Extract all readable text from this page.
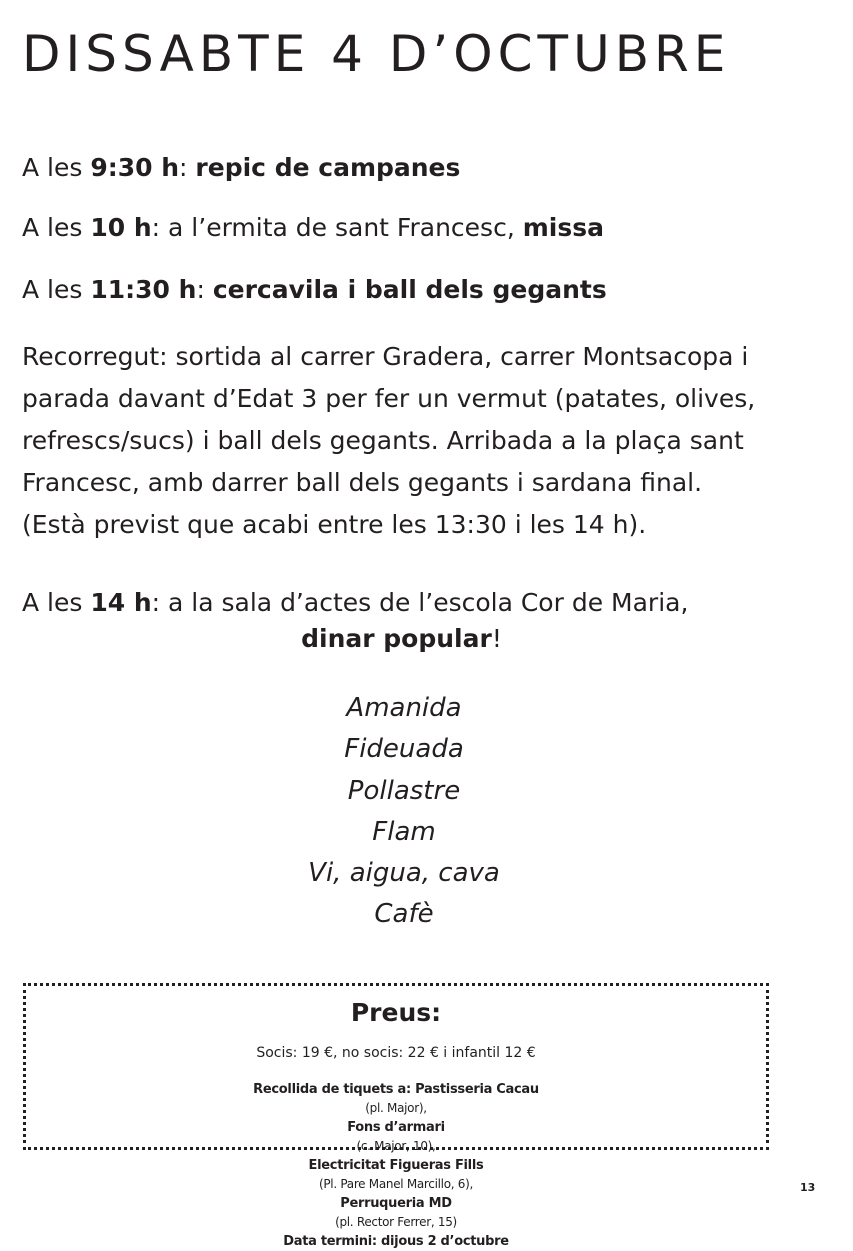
DISSABTE 4 D’OCTUBRE

A les 9:30 h: repic de campanes

A les 10 h: a l’ermita de sant Francesc, missa

A les 11:30 h: cercavila i ball dels gegants

Recorregut: sortida al carrer Gradera, carrer Montsacopa i
parada davant d’Edat 3 per fer un vermut (patates, olives,
refrescs/sucs) i ball dels gegants. Arribada a la plaça sant
Francesc, amb darrer ball dels gegants i sardana final.
(Està previst que acabi entre les 13:30 i les 14 h).

A les 14 h: a la sala d’actes de l’escola Cor de Maria,

dinar popular!

Amanida
Fideuada
Pollastre
Flam
Vi, aigua, cava
Cafè

Preus:

Socis: 19 €, no socis: 22 € i infantil 12 €

Recollida de tiquets a: Pastisseria Cacau
(pl. Major),
Fons d’armari
(c. Major, 10),
Electricitat Figueras Fills
(Pl. Pare Manel Marcillo, 6),
Perruqueria MD
(pl. Rector Ferrer, 15)
Data termini: dijous 2 d’octubre

13
